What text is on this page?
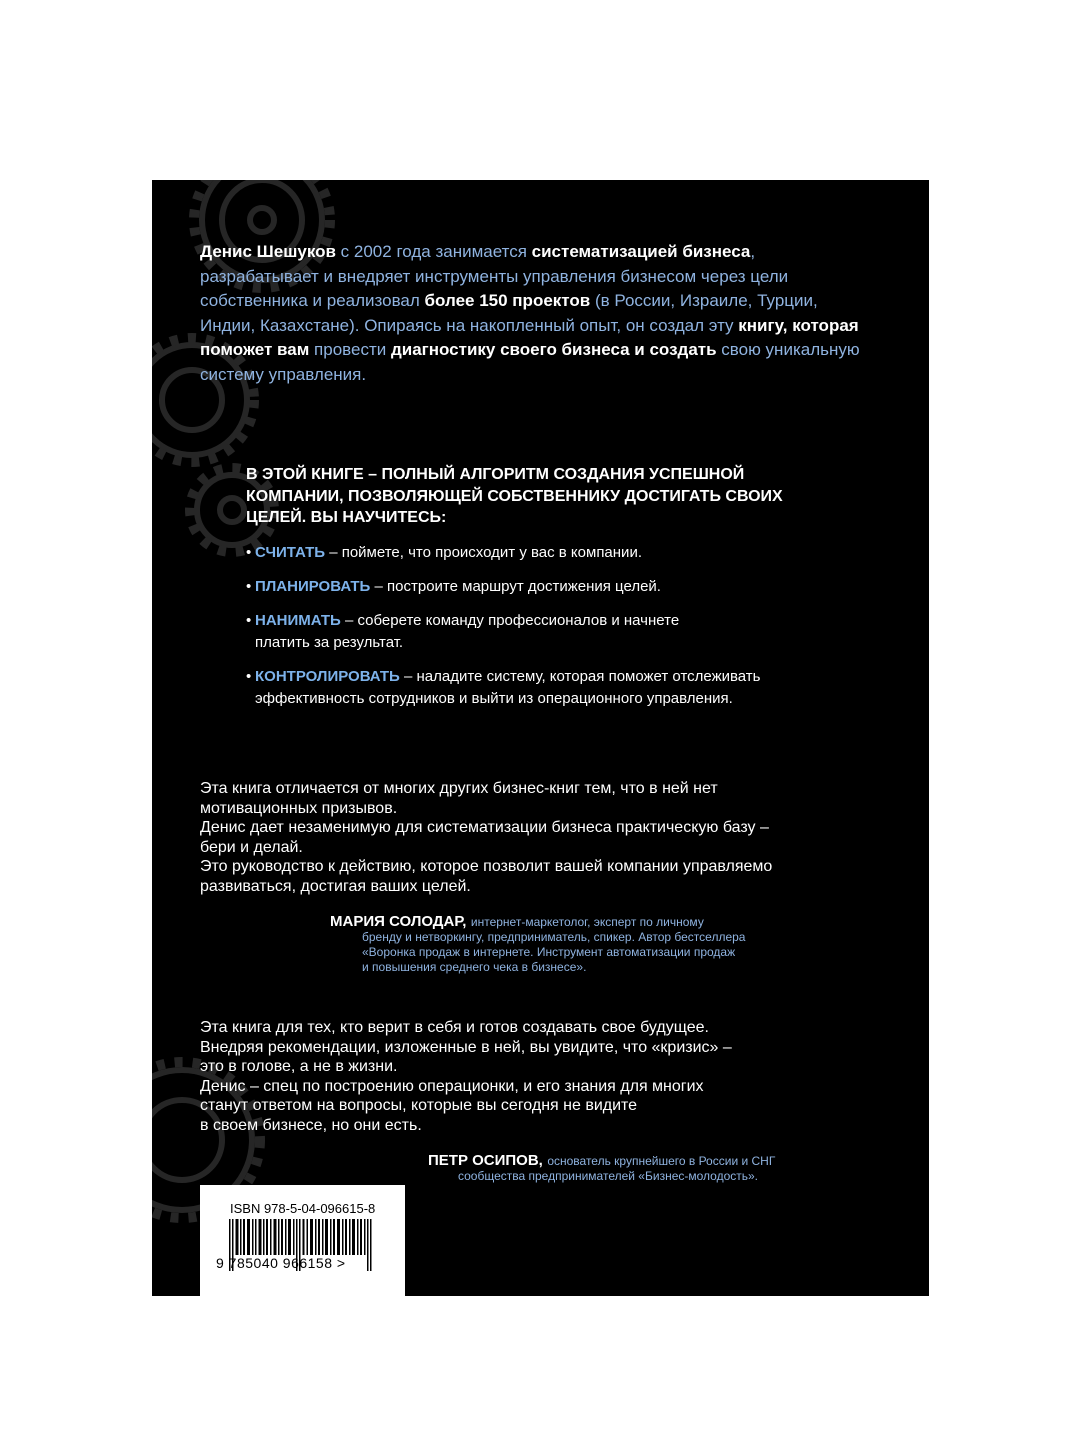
Денис Шешуков с 2002 года занимается систематизацией бизнеса, разрабатывает и внедряет инструменты управления бизнесом через цели собственника и реализовал более 150 проектов (в России, Израиле, Турции, Индии, Казахстане). Опираясь на накопленный опыт, он создал эту книгу, которая поможет вам провести диагностику своего бизнеса и создать свою уникальную систему управления.

В ЭТОЙ КНИГЕ – ПОЛНЫЙ АЛГОРИТМ СОЗДАНИЯ УСПЕШНОЙ КОМПАНИИ, ПОЗВОЛЯЮЩЕЙ СОБСТВЕННИКУ ДОСТИГАТЬ СВОИХ ЦЕЛЕЙ. ВЫ НАУЧИТЕСЬ:

• СЧИТАТЬ – поймете, что происходит у вас в компании.
• ПЛАНИРОВАТЬ – построите маршрут достижения целей.
• НАНИМАТЬ – соберете команду профессионалов и начнете платить за результат.
• КОНТРОЛИРОВАТЬ – наладите систему, которая поможет отслеживать эффективность сотрудников и выйти из операционного управления.
Эта книга отличается от многих других бизнес-книг тем, что в ней нет
мотивационных призывов.
Денис дает незаменимую для систематизации бизнеса практическую базу –
бери и делай.
Это руководство к действию, которое позволит вашей компании управляемо
развиваться, достигая ваших целей.
МАРИЯ СОЛОДАР, интернет-маркетолог, эксперт по личному
бренду и нетворкингу, предприниматель, спикер. Автор бестселлера
«Воронка продаж в интернете. Инструмент автоматизации продаж
и повышения среднего чека в бизнесе».
Эта книга для тех, кто верит в себя и готов создавать свое будущее.
Внедряя рекомендации, изложенные в ней, вы увидите, что «кризис» –
это в голове, а не в жизни.
Денис – спец по построению операционки, и его знания для многих
станут ответом на вопросы, которые вы сегодня не видите
в своем бизнесе, но они есть.
ПЕТР ОСИПОВ, основатель крупнейшего в России и СНГ
сообщества предпринимателей «Бизнес-молодость».
ISBN 978-5-04-096615-8
9 785040 966158 >
